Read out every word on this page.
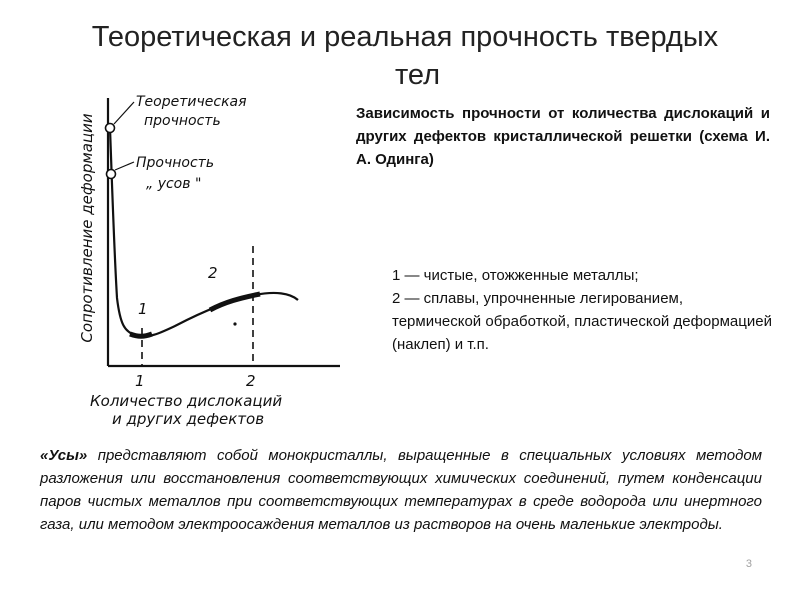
Теоретическая и реальная прочность твердых
тел
Сопротивление деформации
Теоретическая
прочность
Прочность
„ усов "
1
2
1	2
Количество дислокаций
и других дефектов
Зависимость прочности от количества дислокаций и других дефектов кристаллической решетки (схема И. А. Одинга)
1 — чистые, отожженные металлы;
2 — сплавы, упрочненные легированием, термической обработкой, пластической деформацией (наклеп) и т.п.
«Усы» представляют собой монокристаллы, выращенные в специальных условиях методом разложения или восстановления соответствующих химических соединений, путем конденсации паров чистых металлов при соответствующих температурах в среде водорода или инертного газа, или методом электроосаждения металлов из растворов на очень маленькие электроды.
3
